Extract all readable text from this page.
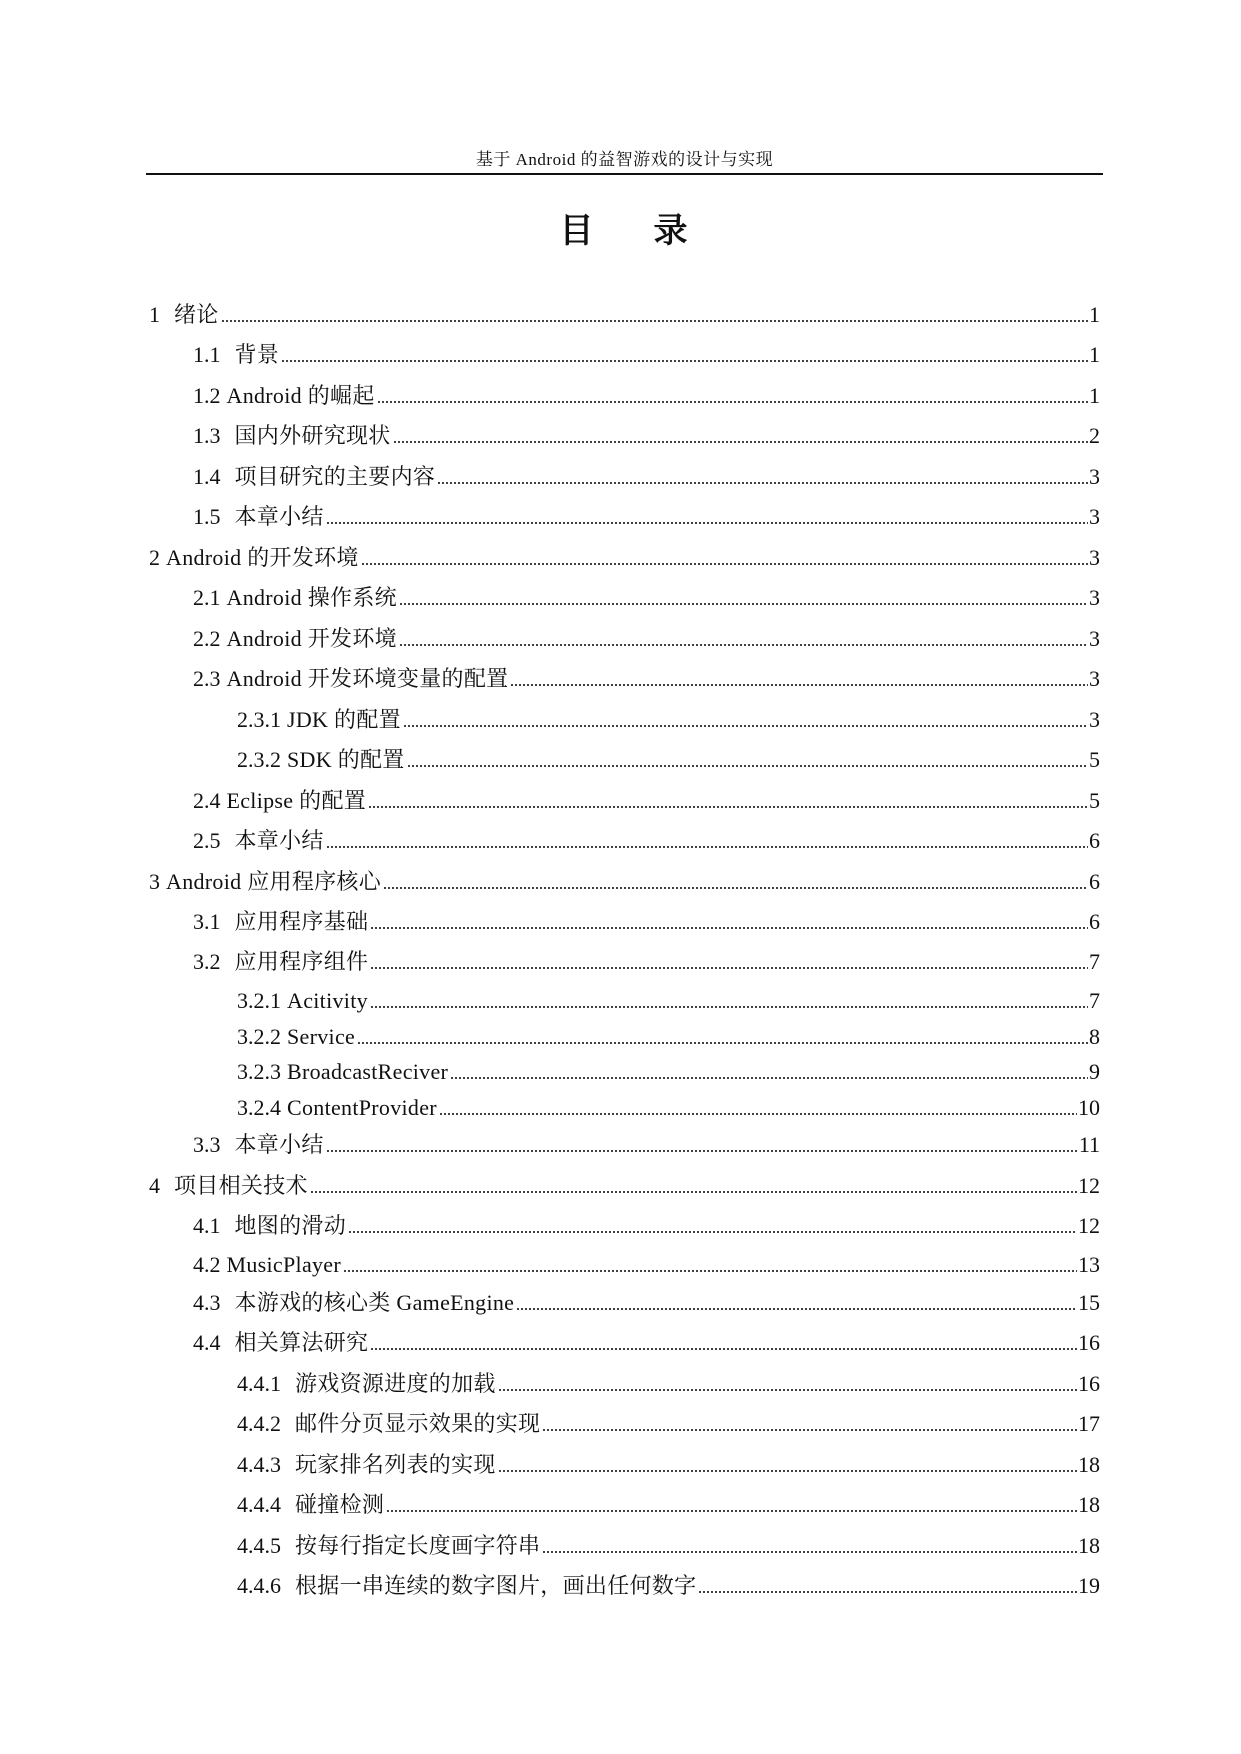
基于 Android 的益智游戏的设计与实现
目 录
1 绪论	1
1.1 背景	1
1.2 Android 的崛起	1
1.3 国内外研究现状	2
1.4 项目研究的主要内容	3
1.5 本章小结	3
2 Android 的开发环境	3
2.1 Android 操作系统	3
2.2 Android 开发环境	3
2.3 Android 开发环境变量的配置	3
2.3.1 JDK 的配置	3
2.3.2 SDK 的配置	5
2.4 Eclipse 的配置	5
2.5 本章小结	6
3 Android 应用程序核心	6
3.1 应用程序基础	6
3.2 应用程序组件	7
3.2.1 Acitivity	7
3.2.2 Service	8
3.2.3 BroadcastReciver	9
3.2.4 ContentProvider	10
3.3 本章小结	11
4 项目相关技术	12
4.1 地图的滑动	12
4.2 MusicPlayer	13
4.3 本游戏的核心类 GameEngine	15
4.4 相关算法研究	16
4.4.1 游戏资源进度的加载	16
4.4.2 邮件分页显示效果的实现	17
4.4.3 玩家排名列表的实现	18
4.4.4 碰撞检测	18
4.4.5 按每行指定长度画字符串	18
4.4.6 根据一串连续的数字图片，画出任何数字	19
